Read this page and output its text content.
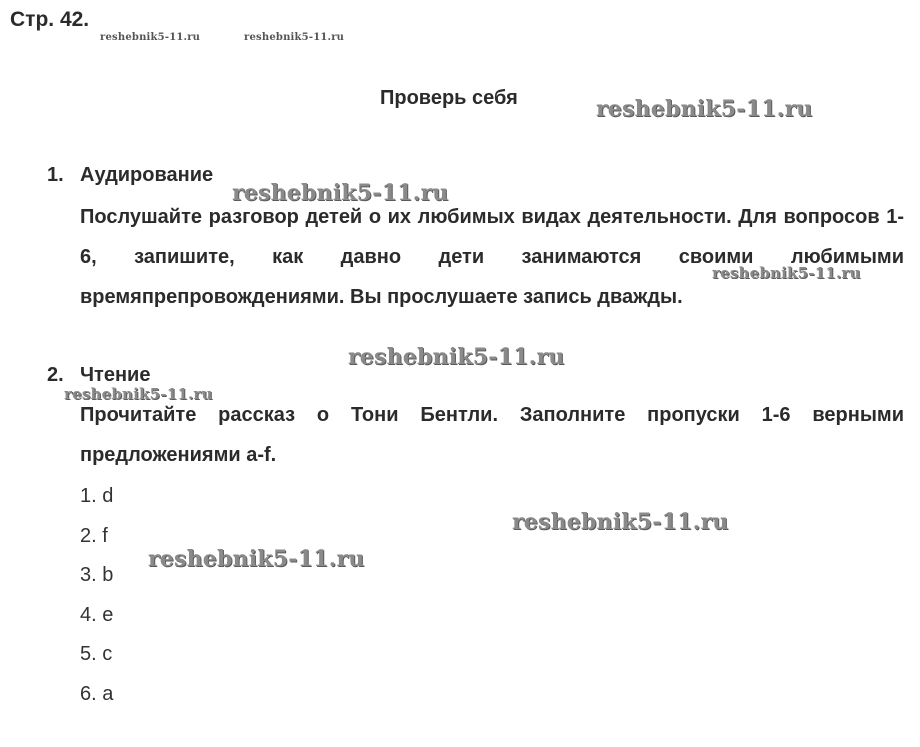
Стр. 42.
Проверь себя
1. Аудирование
Послушайте разговор детей о их любимых видах деятельности. Для вопросов 1-6, запишите, как давно дети занимаются своими любимыми времяпрепровождениями. Вы прослушаете запись дважды.
2. Чтение
Прочитайте рассказ о Тони Бентли. Заполните пропуски 1-6 верными предложениями a-f.
1. d
2. f
3. b
4. e
5. c
6. a
reshebnik5-11.ru	reshebnik5-11.ru
reshebnik5-11.ru
reshebnik5-11.ru
reshebnik5-11.ru
reshebnik5-11.ru
reshebnik5-11.ru
reshebnik5-11.ru
reshebnik5-11.ru
